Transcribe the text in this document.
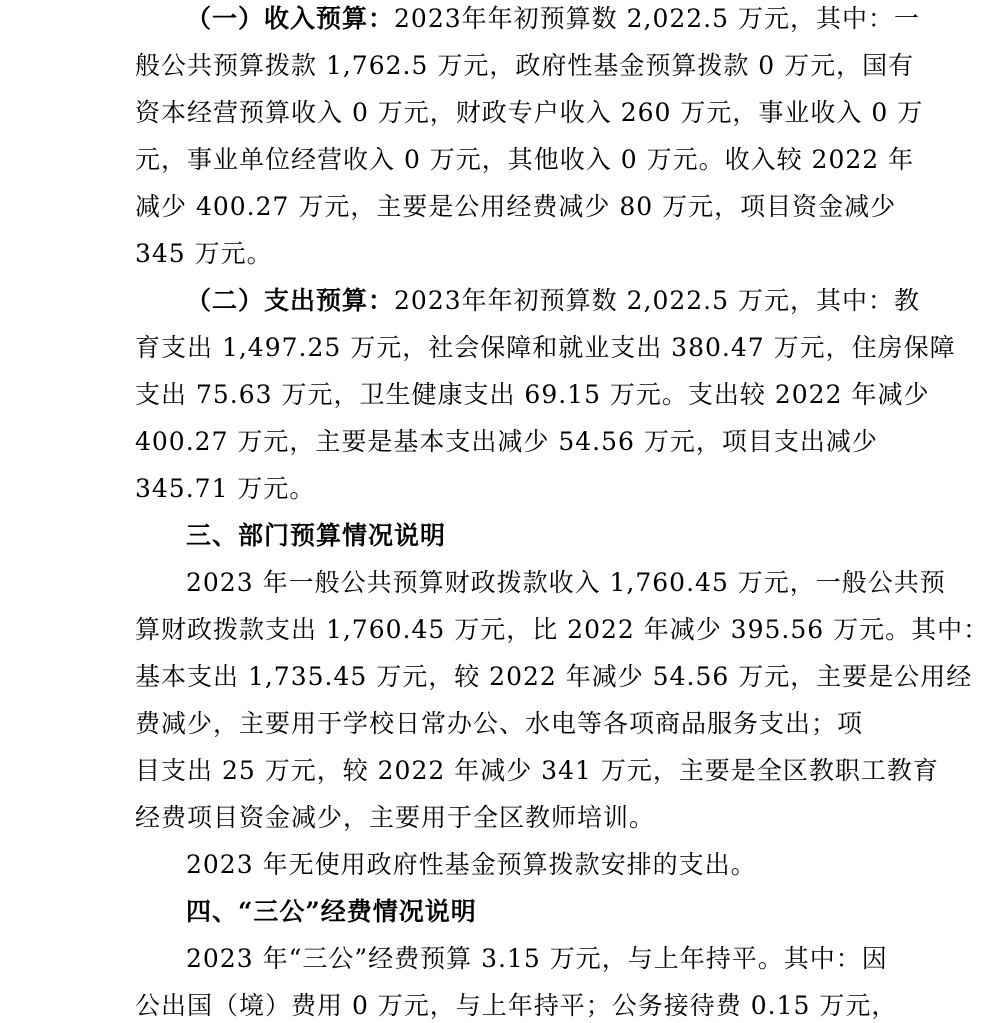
（一）收入预算：2023年年初预算数 2,022.5 万元，其中：一

般公共预算拨款 1,762.5 万元，政府性基金预算拨款 0 万元，国有

资本经营预算收入 0 万元，财政专户收入 260 万元，事业收入 0 万

元，事业单位经营收入 0 万元，其他收入 0 万元。收入较 2022 年

减少 400.27 万元，主要是公用经费减少 80 万元，项目资金减少

345 万元。

（二）支出预算：2023年年初预算数 2,022.5 万元，其中：教

育支出 1,497.25 万元，社会保障和就业支出 380.47 万元，住房保障

支出 75.63 万元，卫生健康支出 69.15 万元。支出较 2022 年减少

400.27 万元，主要是基本支出减少 54.56 万元，项目支出减少

345.71 万元。

三、部门预算情况说明

2023 年一般公共预算财政拨款收入 1,760.45 万元，一般公共预

算财政拨款支出 1,760.45 万元，比 2022 年减少 395.56 万元。其中：

基本支出 1,735.45 万元，较 2022 年减少 54.56 万元，主要是公用经

费减少，主要用于学校日常办公、水电等各项商品服务支出；项

目支出 25 万元，较 2022 年减少 341 万元，主要是全区教职工教育

经费项目资金减少，主要用于全区教师培训。

2023 年无使用政府性基金预算拨款安排的支出。

四、“三公”经费情况说明

2023 年“三公”经费预算 3.15 万元，与上年持平。其中：因

公出国（境）费用 0 万元，与上年持平；公务接待费 0.15 万元，
